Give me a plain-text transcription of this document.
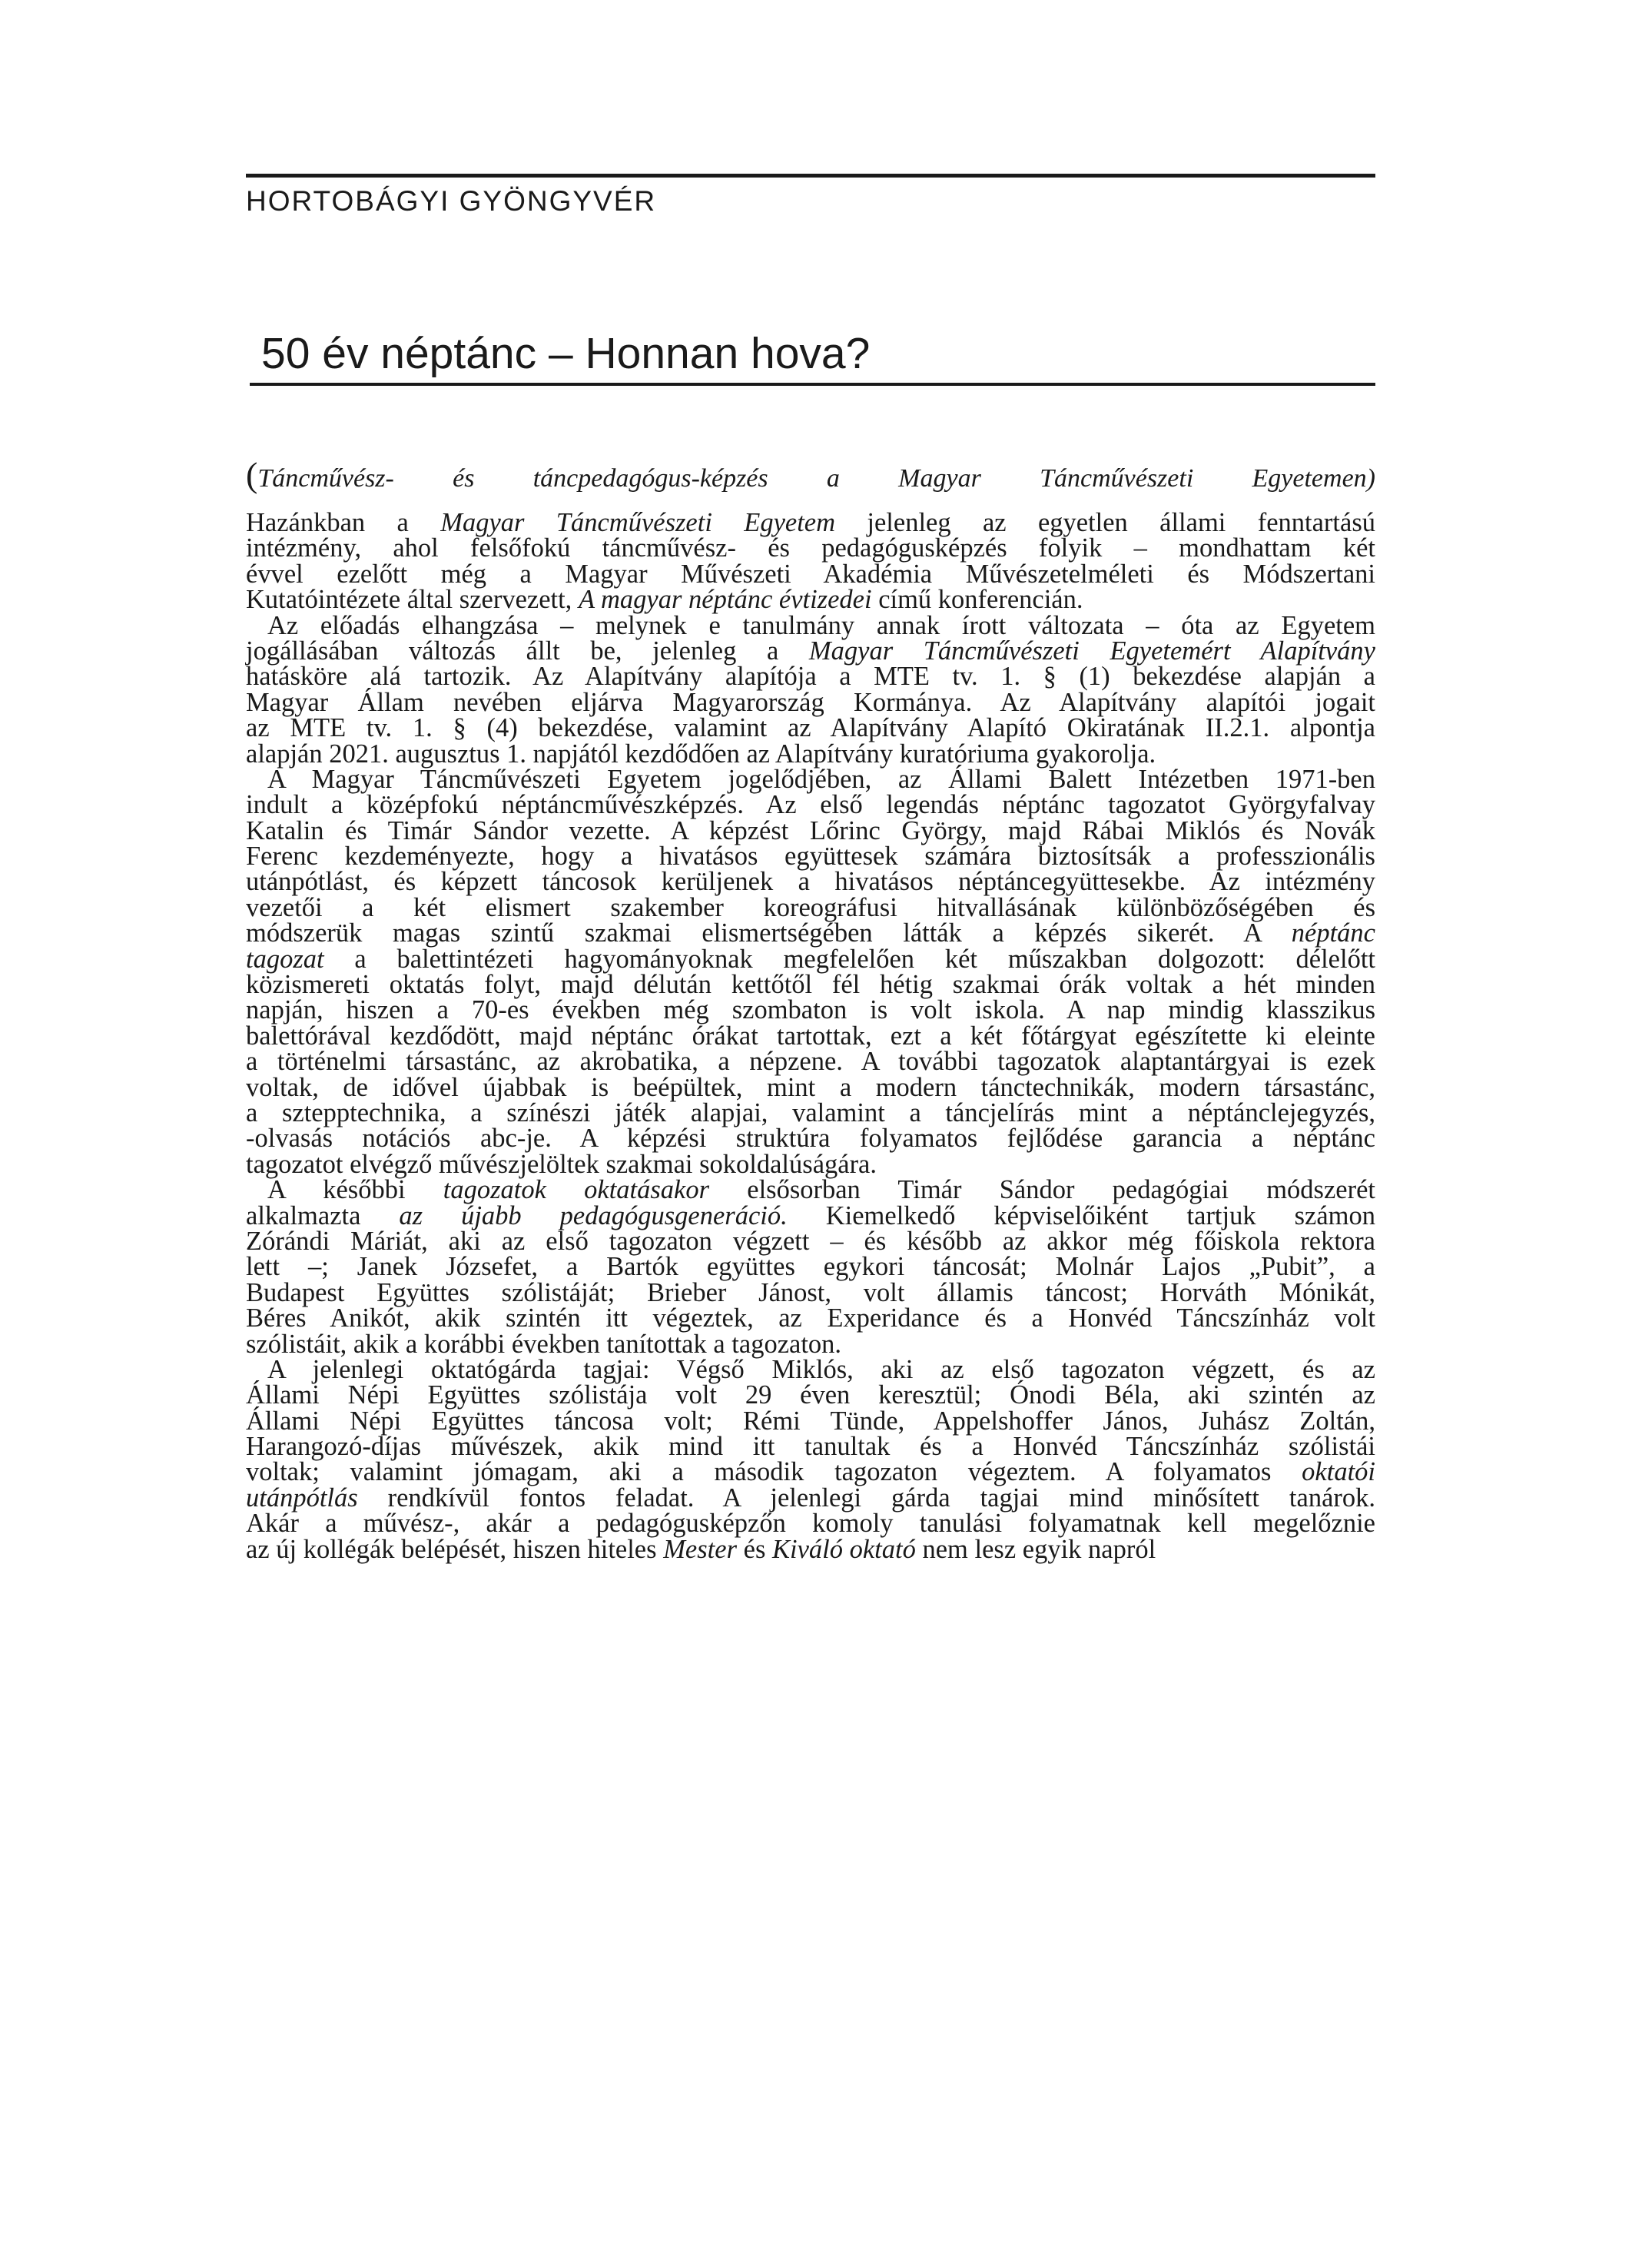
HORTOBÁGYI GYÖNGYVÉR
50 év néptánc – Honnan hova?
(Táncművész- és táncpedagógus-képzés a Magyar Táncművészeti Egyetemen)
Hazánkban a Magyar Táncművészeti Egyetem jelenleg az egyetlen állami fenntartású
intézmény, ahol felsőfokú táncművész- és pedagógusképzés folyik – mondhattam két
évvel ezelőtt még a Magyar Művészeti Akadémia Művészetelméleti és Módszertani
Kutatóintézete által szervezett, A magyar néptánc évtizedei című konferencián.
Az előadás elhangzása – melynek e tanulmány annak írott változata – óta az Egyetem
jogállásában változás állt be, jelenleg a Magyar Táncművészeti Egyetemért Alapítvány
hatásköre alá tartozik. Az Alapítvány alapítója a MTE tv. 1. § (1) bekezdése alapján a
Magyar Állam nevében eljárva Magyarország Kormánya. Az Alapítvány alapítói jogait
az MTE tv. 1. § (4) bekezdése, valamint az Alapítvány Alapító Okiratának II.2.1. alpontja
alapján 2021. augusztus 1. napjától kezdődően az Alapítvány kuratóriuma gyakorolja.
A Magyar Táncművészeti Egyetem jogelődjében, az Állami Balett Intézetben 1971-ben
indult a középfokú néptáncművészképzés. Az első legendás néptánc tagozatot Györgyfalvay
Katalin és Timár Sándor vezette. A képzést Lőrinc György, majd Rábai Miklós és Novák
Ferenc kezdeményezte, hogy a hivatásos együttesek számára biztosítsák a professzionális
utánpótlást, és képzett táncosok kerüljenek a hivatásos néptáncegyüttesekbe. Az intézmény
vezetői a két elismert szakember koreográfusi hitvallásának különbözőségében és
módszerük magas szintű szakmai elismertségében látták a képzés sikerét. A néptánc
tagozat a balettintézeti hagyományoknak megfelelően két műszakban dolgozott: délelőtt
közismereti oktatás folyt, majd délután kettőtől fél hétig szakmai órák voltak a hét minden
napján, hiszen a 70-es években még szombaton is volt iskola. A nap mindig klasszikus
balettórával kezdődött, majd néptánc órákat tartottak, ezt a két főtárgyat egészítette ki eleinte
a történelmi társastánc, az akrobatika, a népzene. A további tagozatok alaptantárgyai is ezek
voltak, de idővel újabbak is beépültek, mint a modern tánctechnikák, modern társastánc,
a sztepptechnika, a színészi játék alapjai, valamint a táncjelírás mint a néptánclejegyzés,
-olvasás notációs abc-je. A képzési struktúra folyamatos fejlődése garancia a néptánc
tagozatot elvégző művészjelöltek szakmai sokoldalúságára.
A későbbi tagozatok oktatásakor elsősorban Timár Sándor pedagógiai módszerét
alkalmazta az újabb pedagógusgeneráció. Kiemelkedő képviselőiként tartjuk számon
Zórándi Máriát, aki az első tagozaton végzett – és később az akkor még főiskola rektora
lett –; Janek Józsefet, a Bartók együttes egykori táncosát; Molnár Lajos „Pubit”, a
Budapest Együttes szólistáját; Brieber Jánost, volt államis táncost; Horváth Mónikát,
Béres Anikót, akik szintén itt végeztek, az Experidance és a Honvéd Táncszínház volt
szólistáit, akik a korábbi években tanítottak a tagozaton.
A jelenlegi oktatógárda tagjai: Végső Miklós, aki az első tagozaton végzett, és az
Állami Népi Együttes szólistája volt 29 éven keresztül; Ónodi Béla, aki szintén az
Állami Népi Együttes táncosa volt; Rémi Tünde, Appelshoffer János, Juhász Zoltán,
Harangozó-díjas művészek, akik mind itt tanultak és a Honvéd Táncszínház szólistái
voltak; valamint jómagam, aki a második tagozaton végeztem. A folyamatos oktatói
utánpótlás rendkívül fontos feladat. A jelenlegi gárda tagjai mind minősített tanárok.
Akár a művész-, akár a pedagógusképzőn komoly tanulási folyamatnak kell megelőznie
az új kollégák belépését, hiszen hiteles Mester és Kiváló oktató nem lesz egyik napról
